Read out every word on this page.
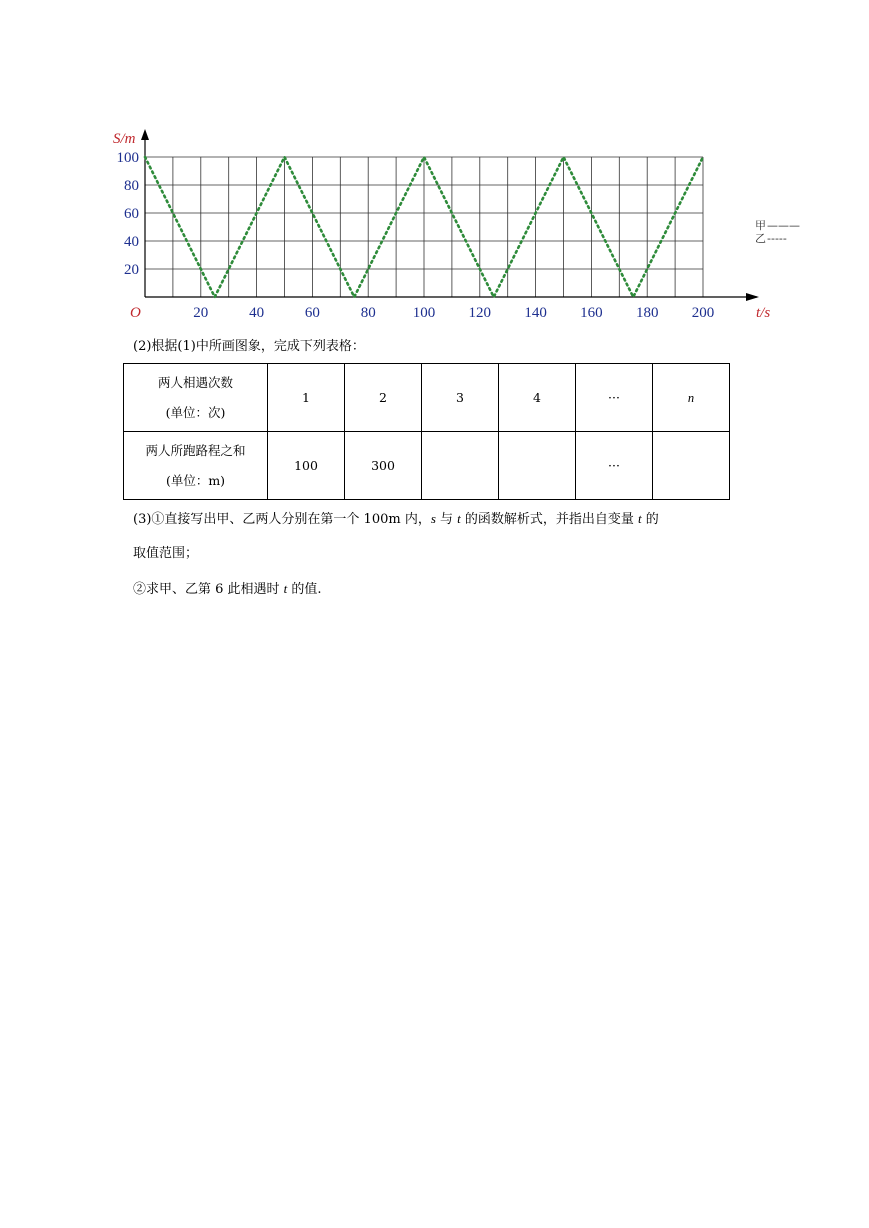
20	40	60	80 100 120 140 160 180 200
20
40
60
80
100
S/m
t/s
O
甲 ———
乙 -----
(2)根据(1)中所画图象，完成下列表格：
两人相遇次数
(单位：次)	1	2	3	4	···	n

两人所跑路程之和
(单位：m)	100	300			···	
(3)①直接写出甲、乙两人分别在第一个 100m 内，s 与 t 的函数解析式，并指出自变量 t 的
取值范围；
②求甲、乙第 6 此相遇时 t 的值.
